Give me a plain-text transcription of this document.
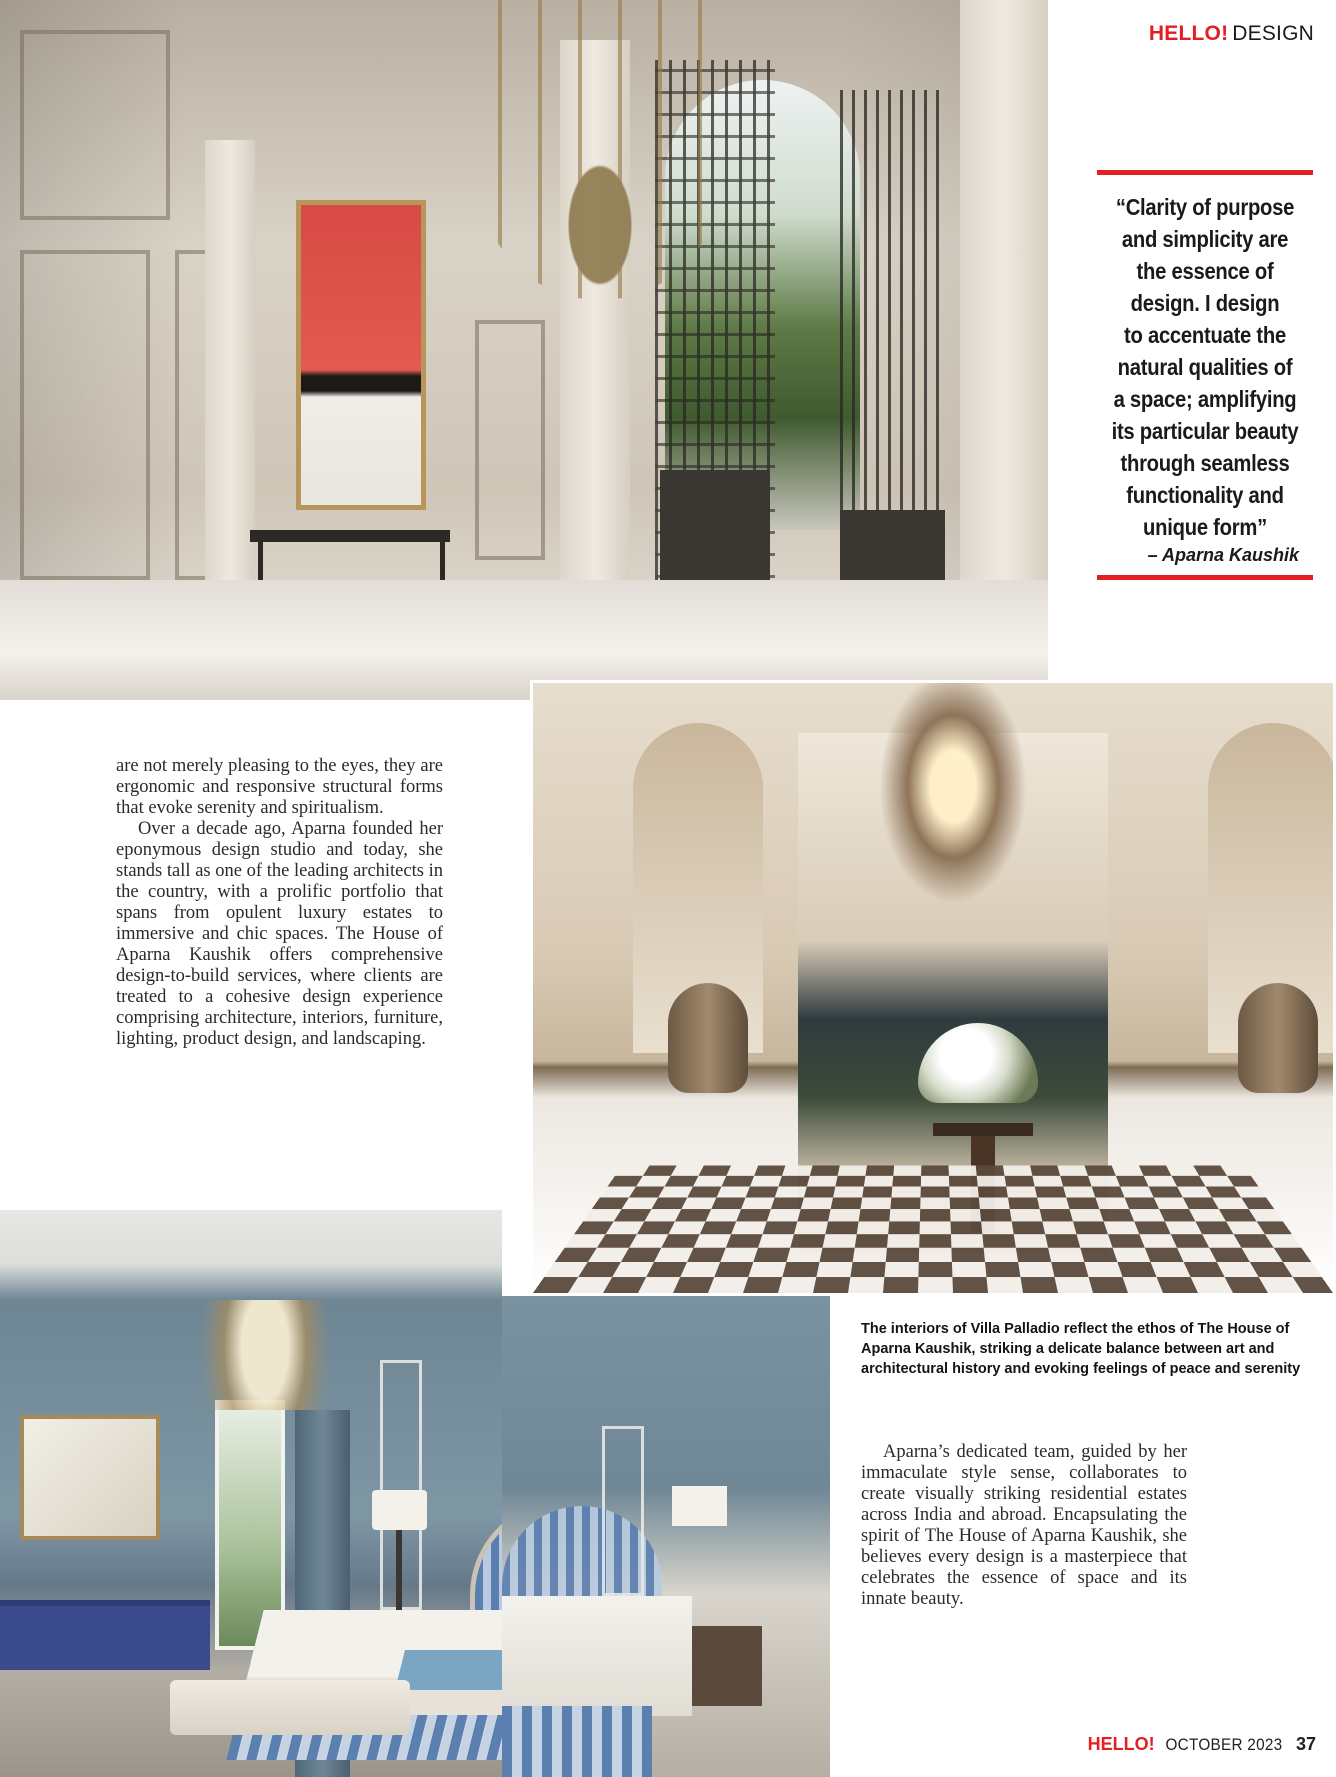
HELLO! DESIGN
“Clarity of purpose
and simplicity are
the essence of
design. I design
to accentuate the
natural qualities of
a space; amplifying
its particular beauty
through seamless
functionality and
unique form”
– Aparna Kaushik

are not merely pleasing to the eyes, they are ergonomic and responsive structural forms that evoke serenity and spiritualism.

Over a decade ago, Aparna founded her eponymous design studio and today, she stands tall as one of the leading architects in the country, with a prolific portfolio that spans from opulent luxury estates to immersive and chic spaces. The House of Aparna Kaushik offers comprehensive design-to-build services, where clients are treated to a cohesive design experience comprising architecture, interiors, furniture, lighting, product design, and landscaping.

The interiors of Villa Palladio reflect the ethos of The House of Aparna Kaushik, striking a delicate balance between art and architectural history and evoking feelings of peace and serenity

Aparna’s dedicated team, guided by her immaculate style sense, collaborates to create visually striking residential estates across India and abroad. Encapsulating the spirit of The House of Aparna Kaushik, she believes every design is a masterpiece that celebrates the essence of space and its innate beauty.

HELLO! OCTOBER 2023 37
